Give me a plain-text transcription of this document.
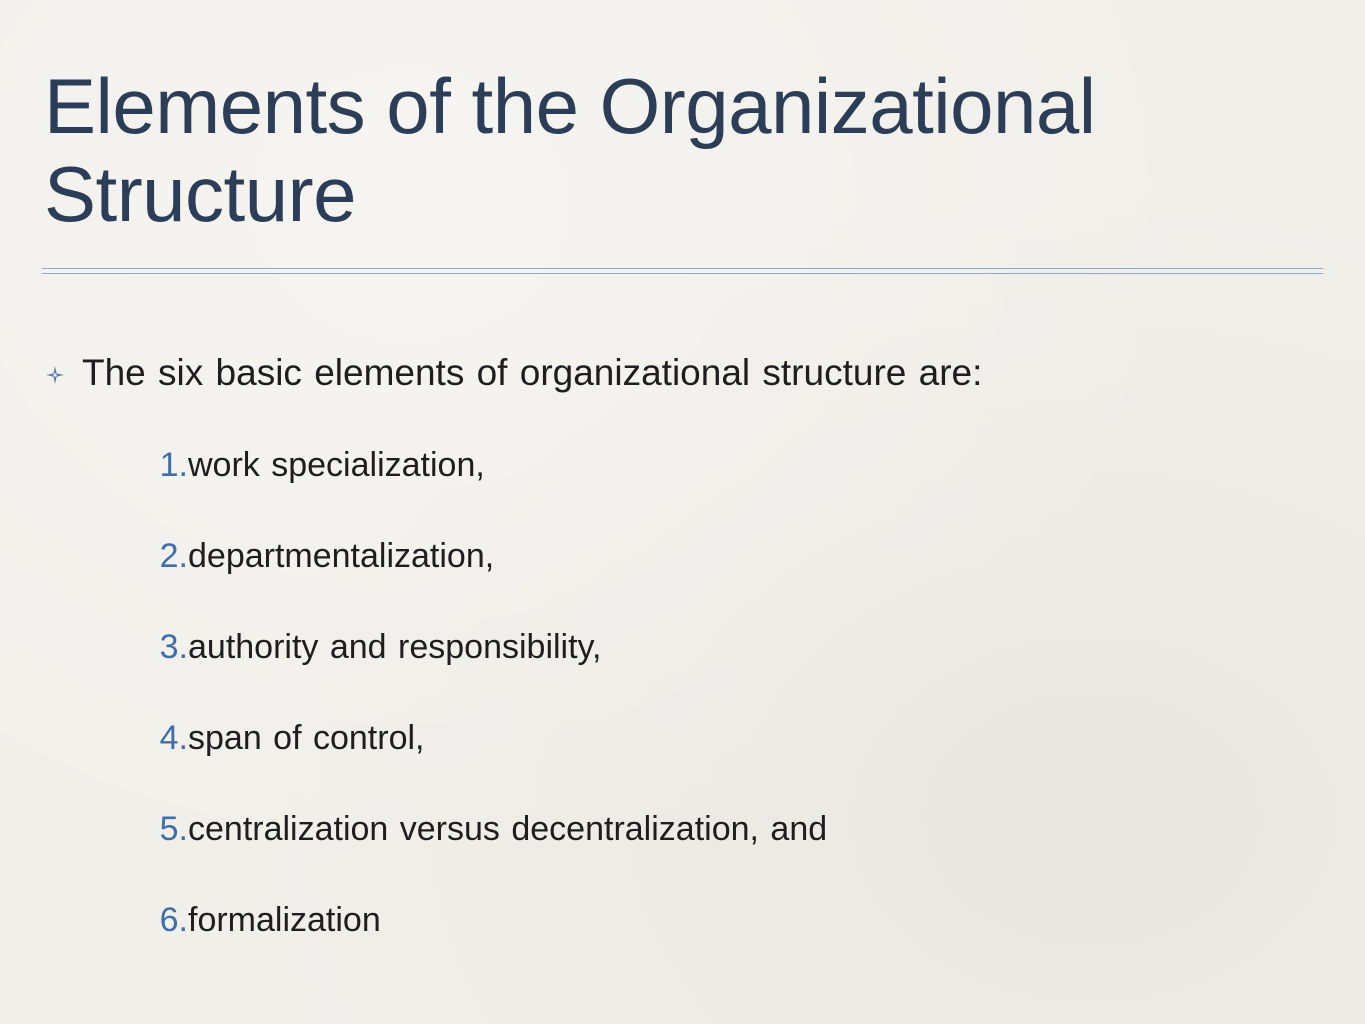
Elements of the Organizational Structure
The six basic elements of organizational structure are:
1. work specialization,
2. departmentalization,
3. authority and responsibility,
4. span of control,
5. centralization versus decentralization, and
6. formalization
